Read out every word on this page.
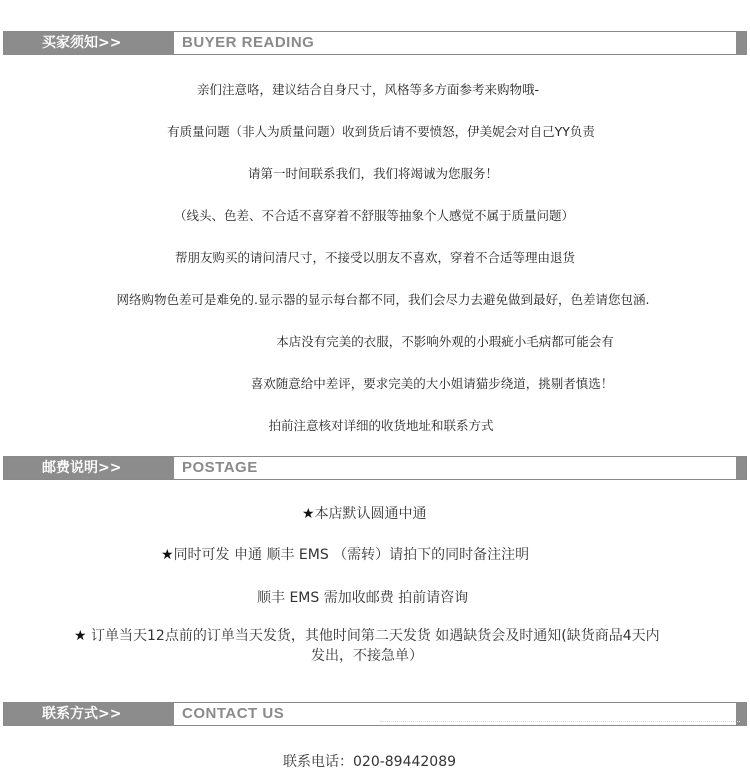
买家须知>>	BUYER READING
亲们注意咯，建议结合自身尺寸，风格等多方面参考来购物哦-
有质量问题（非人为质量问题）收到货后请不要愤怒，伊美妮会对自己YY负责
请第一时间联系我们，我们将竭诚为您服务！
（线头、色差、不合适不喜穿着不舒服等抽象个人感觉不属于质量问题）
帮朋友购买的请问清尺寸，不接受以朋友不喜欢，穿着不合适等理由退货
网络购物色差可是难免的.显示器的显示每台都不同，我们会尽力去避免做到最好，色差请您包涵.
本店没有完美的衣服，不影响外观的小瑕疵小毛病都可能会有
喜欢随意给中差评，要求完美的大小姐请猫步绕道，挑剔者慎选！
拍前注意核对详细的收货地址和联系方式
邮费说明>>	POSTAGE
★本店默认圆通中通
★同时可发 申通 顺丰 EMS （需转）请拍下的同时备注注明
顺丰 EMS 需加收邮费 拍前请咨询
★ 订单当天12点前的订单当天发货，其他时间第二天发货 如遇缺货会及时通知(缺货商品4天内
发出，不接急单）
联系方式>>	CONTACT US
联系电话：020-89442089
